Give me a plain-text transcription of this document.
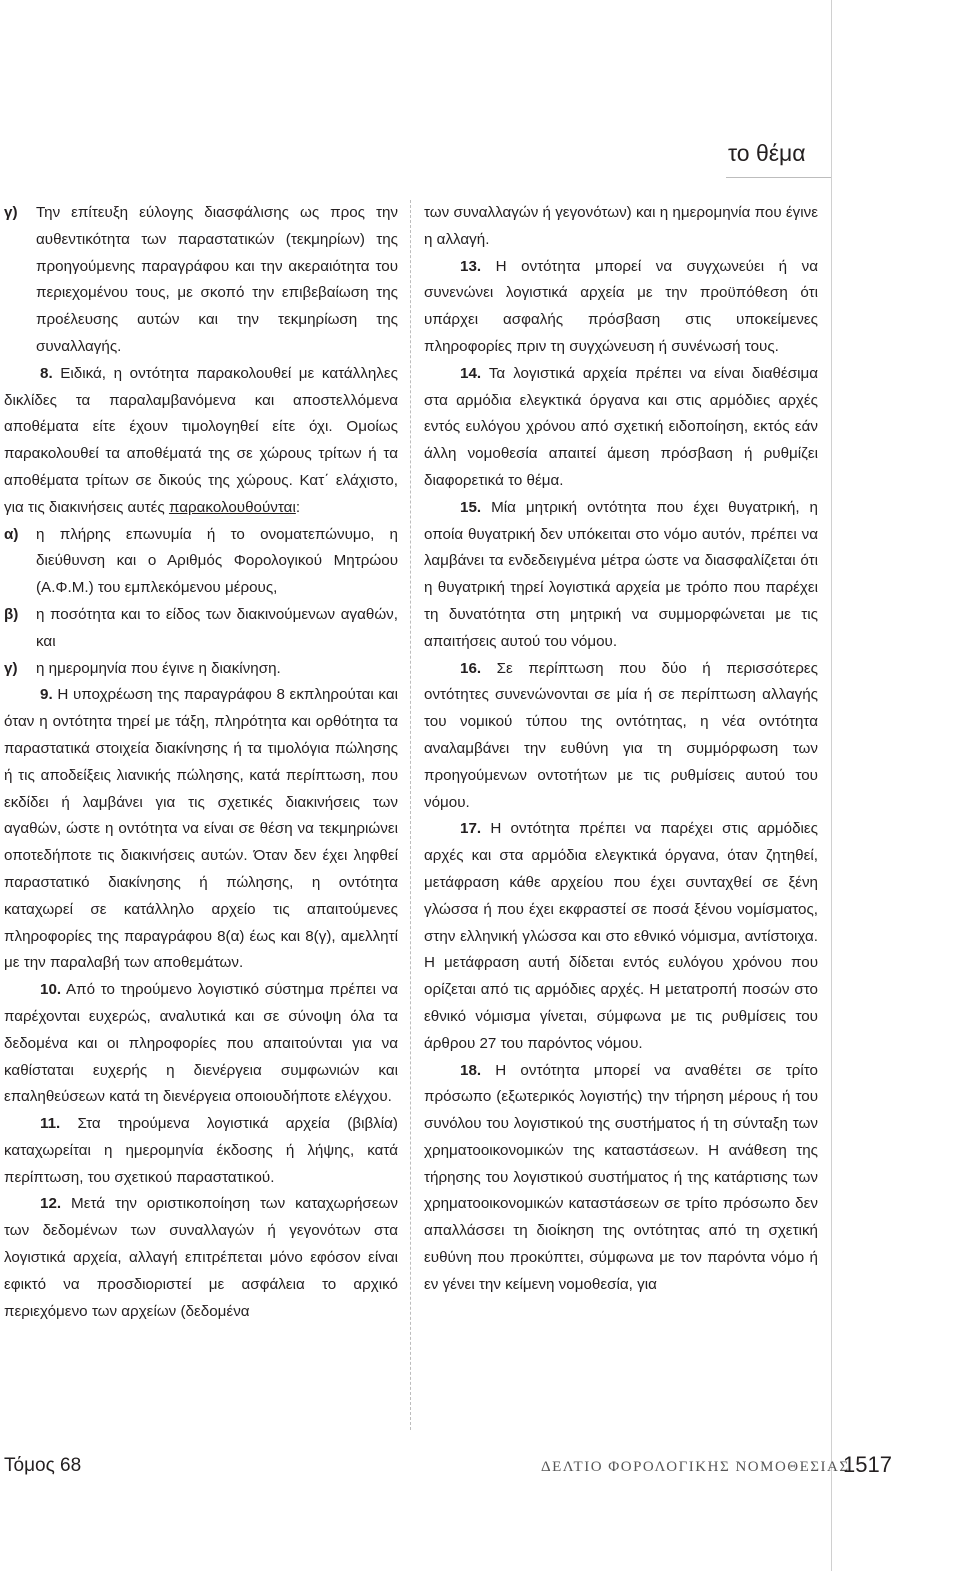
το θέμα
γ)	Την επίτευξη εύλογης διασφάλισης ως προς την αυθεντικότητα των παραστατικών (τεκμηρίων) της προηγούμενης παραγράφου και την ακεραιότητα του περιεχομένου τους, με σκοπό την επιβεβαίωση της προέλευσης αυτών και την τεκμηρίωση της συναλλαγής.

8. Ειδικά, η οντότητα παρακολουθεί με κατάλληλες δικλίδες τα παραλαμβανόμενα και αποστελλόμενα αποθέματα είτε έχουν τιμολογηθεί είτε όχι. Ομοίως παρακολουθεί τα αποθέματά της σε χώρους τρίτων ή τα αποθέματα τρίτων σε δικούς της χώρους. Κατ΄ ελάχιστο, για τις διακινήσεις αυτές παρακολουθούνται:

α)	η πλήρης επωνυμία ή το ονοματεπώνυμο, η διεύθυνση και ο Αριθμός Φορολογικού Μητρώου (Α.Φ.Μ.) του εμπλεκόμενου μέρους,
β)	η ποσότητα και το είδος των διακινούμενων αγαθών, και
γ)	η ημερομηνία που έγινε η διακίνηση.

9. Η υποχρέωση της παραγράφου 8 εκπληρούται και όταν η οντότητα τηρεί με τάξη, πληρότητα και ορθότητα τα παραστατικά στοιχεία διακίνησης ή τα τιμολόγια πώλησης ή τις αποδείξεις λιανικής πώλησης, κατά περίπτωση, που εκδίδει ή λαμβάνει για τις σχετικές διακινήσεις των αγαθών, ώστε η οντότητα να είναι σε θέση να τεκμηριώνει οποτεδήποτε τις διακινήσεις αυτών. Όταν δεν έχει ληφθεί παραστατικό διακίνησης ή πώλησης, η οντότητα καταχωρεί σε κατάλληλο αρχείο τις απαιτούμενες πληροφορίες της παραγράφου 8(α) έως και 8(γ), αμελλητί με την παραλαβή των αποθεμάτων.

10. Από το τηρούμενο λογιστικό σύστημα πρέπει να παρέχονται ευχερώς, αναλυτικά και σε σύνοψη όλα τα δεδομένα και οι πληροφορίες που απαιτούνται για να καθίσταται ευχερής η διενέργεια συμφωνιών και επαληθεύσεων κατά τη διενέργεια οποιουδήποτε ελέγχου.

11. Στα τηρούμενα λογιστικά αρχεία (βιβλία) καταχωρείται η ημερομηνία έκδοσης ή λήψης, κατά περίπτωση, του σχετικού παραστατικού.

12. Μετά την οριστικοποίηση των καταχωρήσεων των δεδομένων των συναλλαγών ή γεγονότων στα λογιστικά αρχεία, αλλαγή επιτρέπεται μόνο εφόσον είναι εφικτό να προσδιοριστεί με ασφάλεια το αρχικό περιεχόμενο των αρχείων (δεδομένα

των συναλλαγών ή γεγονότων) και η ημερομηνία που έγινε η αλλαγή.

13. Η οντότητα μπορεί να συγχωνεύει ή να συνενώνει λογιστικά αρχεία με την προϋπόθεση ότι υπάρχει ασφαλής πρόσβαση στις υποκείμενες πληροφορίες πριν τη συγχώνευση ή συνένωσή τους.

14. Τα λογιστικά αρχεία πρέπει να είναι διαθέσιμα στα αρμόδια ελεγκτικά όργανα και στις αρμόδιες αρχές εντός ευλόγου χρόνου από σχετική ειδοποίηση, εκτός εάν άλλη νομοθεσία απαιτεί άμεση πρόσβαση ή ρυθμίζει διαφορετικά το θέμα.

15. Μία μητρική οντότητα που έχει θυγατρική, η οποία θυγατρική δεν υπόκειται στο νόμο αυτόν, πρέπει να λαμβάνει τα ενδεδειγμένα μέτρα ώστε να διασφαλίζεται ότι η θυγατρική τηρεί λογιστικά αρχεία με τρόπο που παρέχει τη δυνατότητα στη μητρική να συμμορφώνεται με τις απαιτήσεις αυτού του νόμου.

16. Σε περίπτωση που δύο ή περισσότερες οντότητες συνενώνονται σε μία ή σε περίπτωση αλλαγής του νομικού τύπου της οντότητας, η νέα οντότητα αναλαμβάνει την ευθύνη για τη συμμόρφωση των προηγούμενων οντοτήτων με τις ρυθμίσεις αυτού του νόμου.

17. Η οντότητα πρέπει να παρέχει στις αρμόδιες αρχές και στα αρμόδια ελεγκτικά όργανα, όταν ζητηθεί, μετάφραση κάθε αρχείου που έχει συνταχθεί σε ξένη γλώσσα ή που έχει εκφραστεί σε ποσά ξένου νομίσματος, στην ελληνική γλώσσα και στο εθνικό νόμισμα, αντίστοιχα. Η μετάφραση αυτή δίδεται εντός ευλόγου χρόνου που ορίζεται από τις αρμόδιες αρχές. Η μετατροπή ποσών στο εθνικό νόμισμα γίνεται, σύμφωνα με τις ρυθμίσεις του άρθρου 27 του παρόντος νόμου.

18. Η οντότητα μπορεί να αναθέτει σε τρίτο πρόσωπο (εξωτερικός λογιστής) την τήρηση μέρους ή του συνόλου του λογιστικού της συστήματος ή τη σύνταξη των χρηματοοικονομικών της καταστάσεων. Η ανάθεση της τήρησης του λογιστικού συστήματος ή της κατάρτισης των χρηματοοικονομικών καταστάσεων σε τρίτο πρόσωπο δεν απαλλάσσει τη διοίκηση της οντότητας από τη σχετική ευθύνη που προκύπτει, σύμφωνα με τον παρόντα νόμο ή εν γένει την κείμενη νομοθεσία, για

Τόμος 68	ΔΕΛΤΙΟ ΦΟΡΟΛΟΓΙΚΗΣ ΝΟΜΟΘΕΣΙΑΣ
1517
